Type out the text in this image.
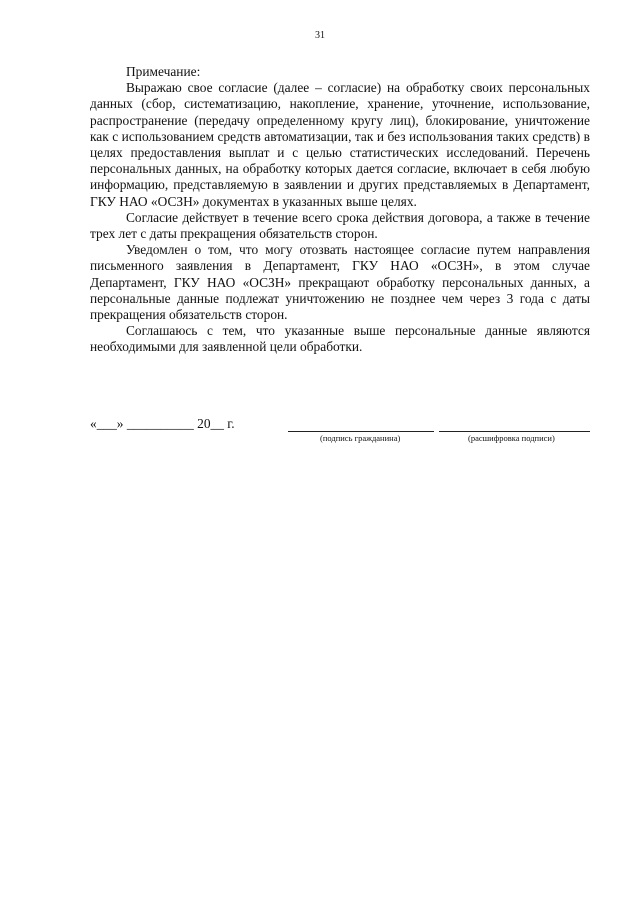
31

Примечание:

Выражаю свое согласие (далее – согласие) на обработку своих персональных данных (сбор, систематизацию, накопление, хранение, уточнение, использование, распространение (передачу определенному кругу лиц), блокирование, уничтожение как с использованием средств автоматизации, так и без использования таких средств) в целях предоставления выплат и с целью статистических исследований. Перечень персональных данных, на обработку которых дается согласие, включает в себя любую информацию, представляемую в заявлении и других представляемых в Департамент, ГКУ НАО «ОСЗН» документах в указанных выше целях.

Согласие действует в течение всего срока действия договора, а также в течение трех лет с даты прекращения обязательств сторон.

Уведомлен о том, что могу отозвать настоящее согласие путем направления письменного заявления в Департамент, ГКУ НАО «ОСЗН», в этом случае Департамент, ГКУ НАО «ОСЗН» прекращают обработку персональных данных, а персональные данные подлежат уничтожению не позднее чем через 3 года с даты прекращения обязательств сторон.

Соглашаюсь с тем, что указанные выше персональные данные являются необходимыми для заявленной цели обработки.

«___» __________ 20__ г.
(подпись гражданина)	(расшифровка подписи)
